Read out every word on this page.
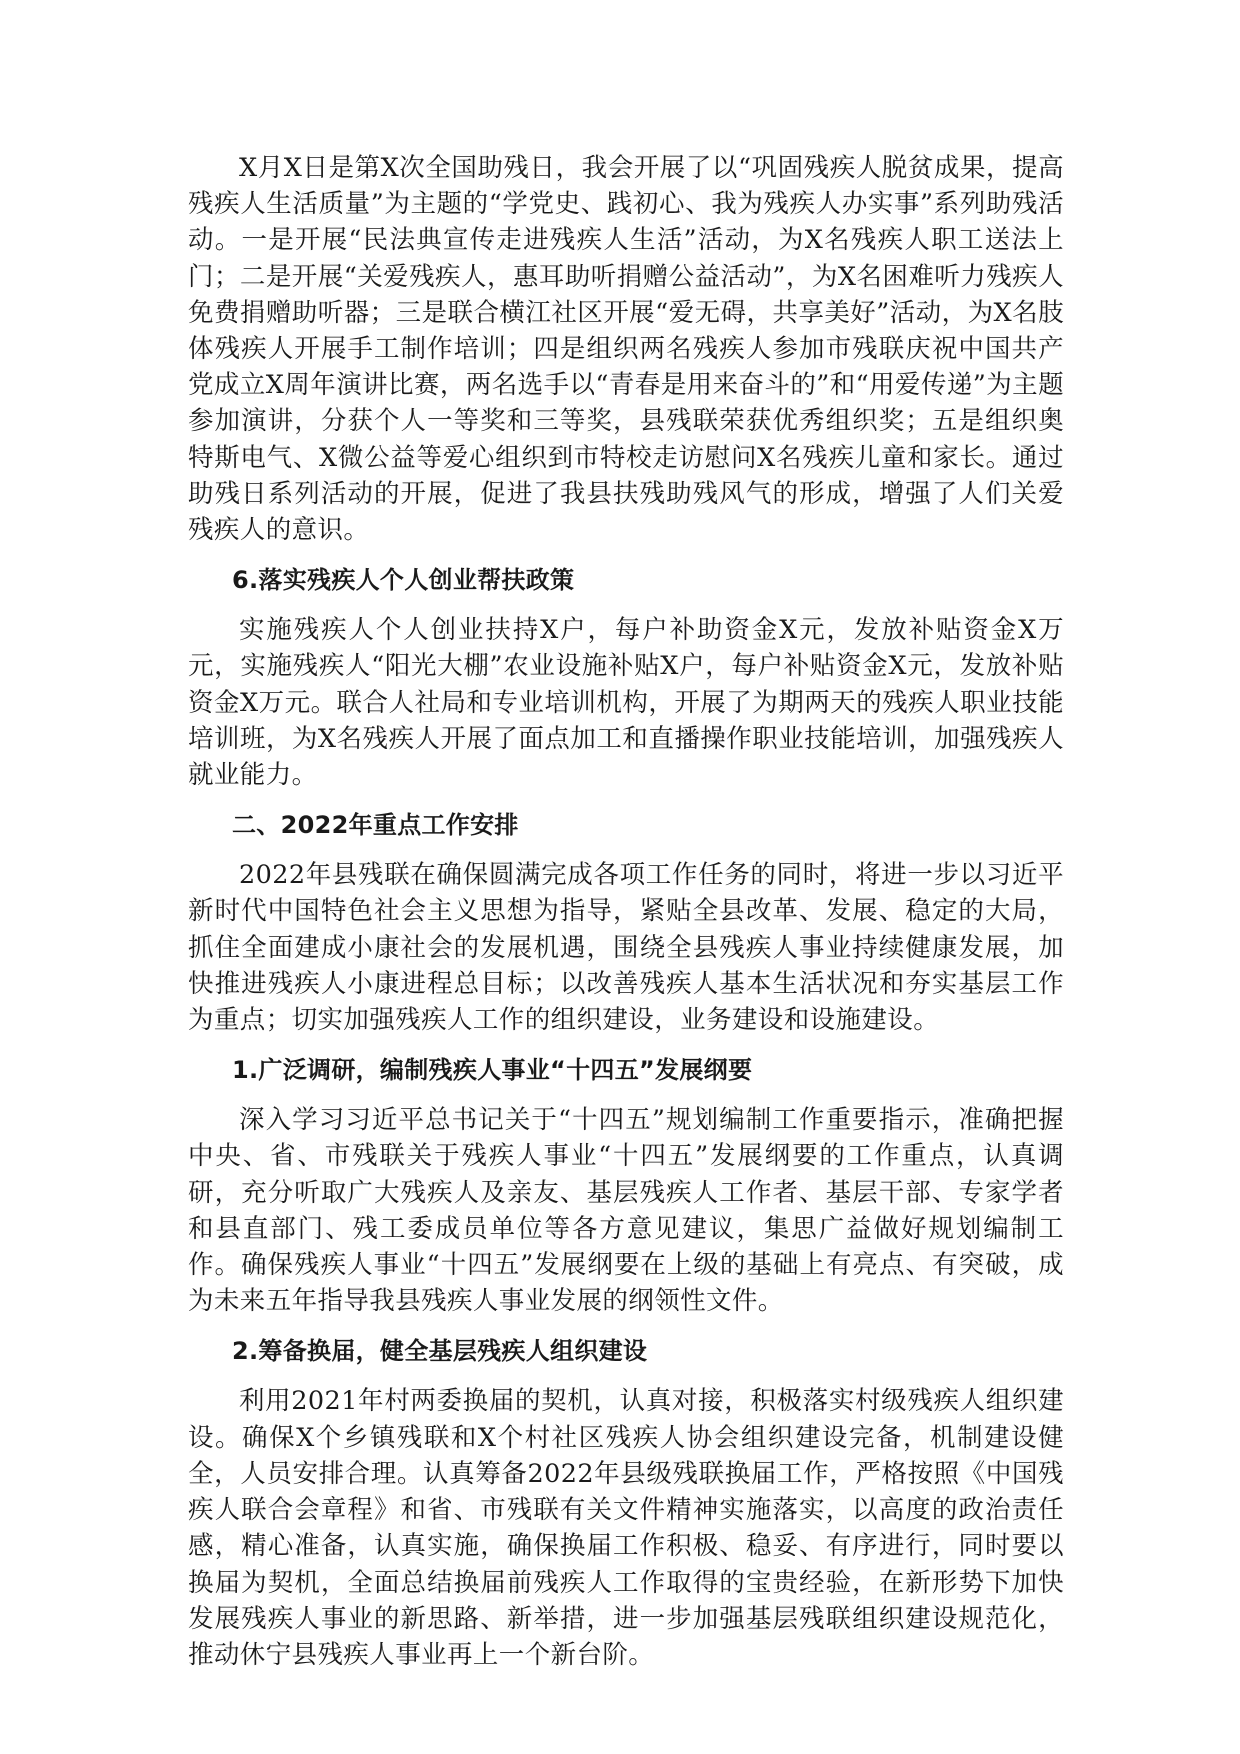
X月X日是第X次全国助残日，我会开展了以“巩固残疾人脱贫成果，提高残疾人生活质量”为主题的“学党史、践初心、我为残疾人办实事”系列助残活动。一是开展“民法典宣传走进残疾人生活”活动，为X名残疾人职工送法上门；二是开展“关爱残疾人，惠耳助听捐赠公益活动”，为X名困难听力残疾人免费捐赠助听器；三是联合横江社区开展“爱无碍，共享美好”活动，为X名肢体残疾人开展手工制作培训；四是组织两名残疾人参加市残联庆祝中国共产党成立X周年演讲比赛，两名选手以“青春是用来奋斗的”和“用爱传递”为主题参加演讲，分获个人一等奖和三等奖，县残联荣获优秀组织奖；五是组织奥特斯电气、X微公益等爱心组织到市特校走访慰问X名残疾儿童和家长。通过助残日系列活动的开展，促进了我县扶残助残风气的形成，增强了人们关爱残疾人的意识。

6.落实残疾人个人创业帮扶政策

实施残疾人个人创业扶持X户，每户补助资金X元，发放补贴资金X万元，实施残疾人“阳光大棚”农业设施补贴X户，每户补贴资金X元，发放补贴资金X万元。联合人社局和专业培训机构，开展了为期两天的残疾人职业技能培训班，为X名残疾人开展了面点加工和直播操作职业技能培训，加强残疾人就业能力。

二、2022年重点工作安排

2022年县残联在确保圆满完成各项工作任务的同时，将进一步以习近平新时代中国特色社会主义思想为指导，紧贴全县改革、发展、稳定的大局，抓住全面建成小康社会的发展机遇，围绕全县残疾人事业持续健康发展，加快推进残疾人小康进程总目标；以改善残疾人基本生活状况和夯实基层工作为重点；切实加强残疾人工作的组织建设，业务建设和设施建设。

1.广泛调研，编制残疾人事业“十四五”发展纲要

深入学习习近平总书记关于“十四五”规划编制工作重要指示，准确把握中央、省、市残联关于残疾人事业“十四五”发展纲要的工作重点，认真调研，充分听取广大残疾人及亲友、基层残疾人工作者、基层干部、专家学者和县直部门、残工委成员单位等各方意见建议，集思广益做好规划编制工作。确保残疾人事业“十四五”发展纲要在上级的基础上有亮点、有突破，成为未来五年指导我县残疾人事业发展的纲领性文件。

2.筹备换届，健全基层残疾人组织建设

利用2021年村两委换届的契机，认真对接，积极落实村级残疾人组织建设。确保X个乡镇残联和X个村社区残疾人协会组织建设完备，机制建设健全，人员安排合理。认真筹备2022年县级残联换届工作，严格按照《中国残疾人联合会章程》和省、市残联有关文件精神实施落实，以高度的政治责任感，精心准备，认真实施，确保换届工作积极、稳妥、有序进行，同时要以换届为契机，全面总结换届前残疾人工作取得的宝贵经验，在新形势下加快发展残疾人事业的新思路、新举措，进一步加强基层残联组织建设规范化，推动休宁县残疾人事业再上一个新台阶。
